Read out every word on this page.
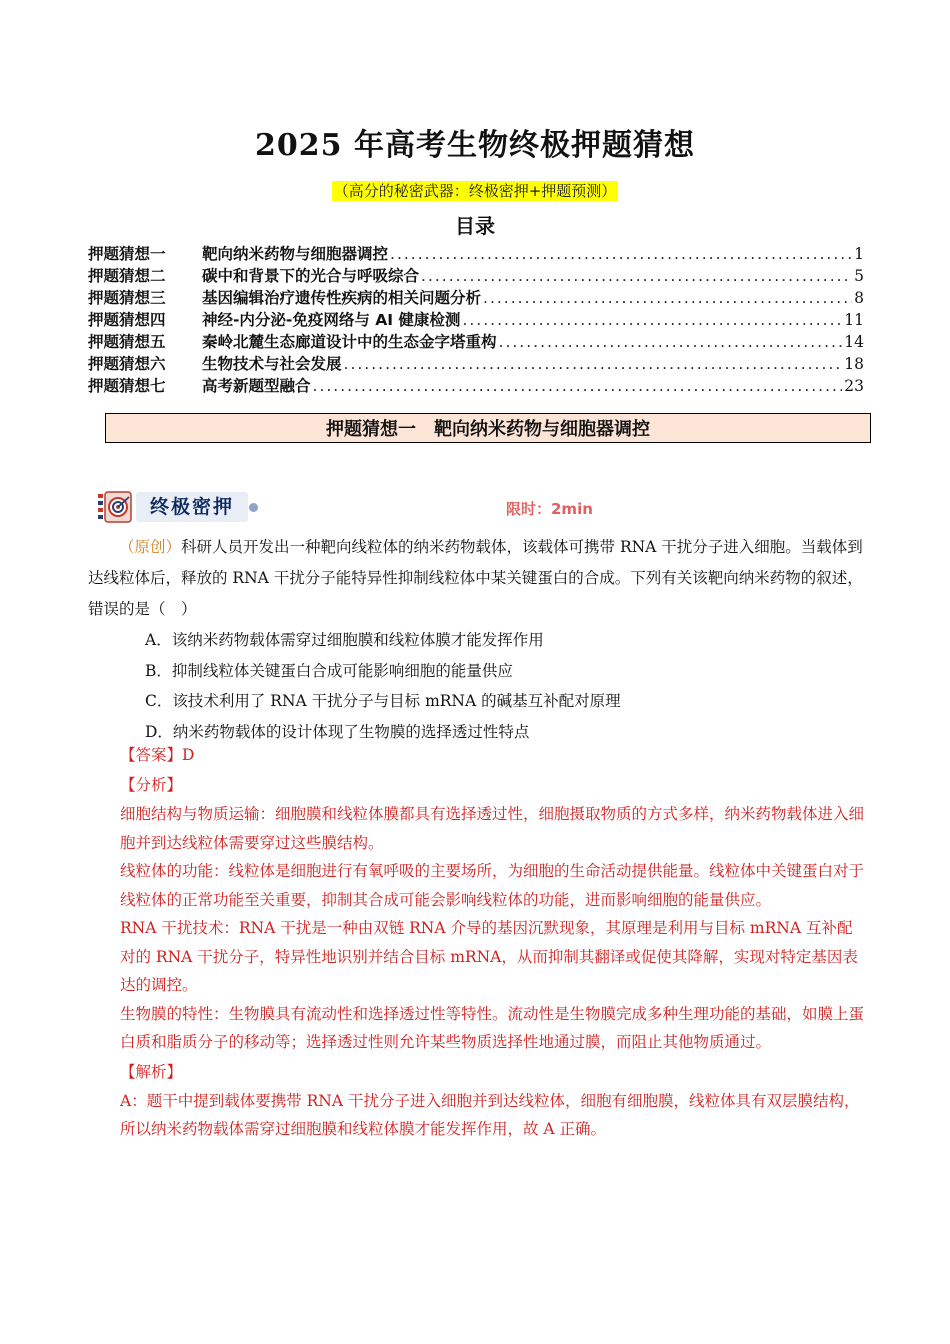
2025 年高考生物终极押题猜想
（高分的秘密武器：终极密押+押题预测）
目录
押题猜想一	靶向纳米药物与细胞器调控 .....	1
押题猜想二	碳中和背景下的光合与呼吸综合 .....	5
押题猜想三	基因编辑治疗遗传性疾病的相关问题分析 .....	8
押题猜想四	神经-内分泌-免疫网络与 AI 健康检测 .....	11
押题猜想五	秦岭北麓生态廊道设计中的生态金字塔重构 .....	14
押题猜想六	生物技术与社会发展 .....	18
押题猜想七	高考新题型融合 .....	23
押题猜想一　靶向纳米药物与细胞器调控
终极密押	限时：2min

（原创）科研人员开发出一种靶向线粒体的纳米药物载体，该载体可携带 RNA 干扰分子进入细胞。当载体到达线粒体后，释放的 RNA 干扰分子能特异性抑制线粒体中某关键蛋白的合成。下列有关该靶向纳米药物的叙述，错误的是（　）

A．该纳米药物载体需穿过细胞膜和线粒体膜才能发挥作用

B．抑制线粒体关键蛋白合成可能影响细胞的能量供应

C．该技术利用了 RNA 干扰分子与目标 mRNA 的碱基互补配对原理

D．纳米药物载体的设计体现了生物膜的选择透过性特点

【答案】D

【分析】

细胞结构与物质运输：细胞膜和线粒体膜都具有选择透过性，细胞摄取物质的方式多样，纳米药物载体进入细胞并到达线粒体需要穿过这些膜结构。

线粒体的功能：线粒体是细胞进行有氧呼吸的主要场所，为细胞的生命活动提供能量。线粒体中关键蛋白对于线粒体的正常功能至关重要，抑制其合成可能会影响线粒体的功能，进而影响细胞的能量供应。

RNA 干扰技术：RNA 干扰是一种由双链 RNA 介导的基因沉默现象，其原理是利用与目标 mRNA 互补配对的 RNA 干扰分子，特异性地识别并结合目标 mRNA，从而抑制其翻译或促使其降解，实现对特定基因表达的调控。

生物膜的特性：生物膜具有流动性和选择透过性等特性。流动性是生物膜完成多种生理功能的基础，如膜上蛋白质和脂质分子的移动等；选择透过性则允许某些物质选择性地通过膜，而阻止其他物质通过。

【解析】

A：题干中提到载体要携带 RNA 干扰分子进入细胞并到达线粒体，细胞有细胞膜，线粒体具有双层膜结构，所以纳米药物载体需穿过细胞膜和线粒体膜才能发挥作用，故 A 正确。
